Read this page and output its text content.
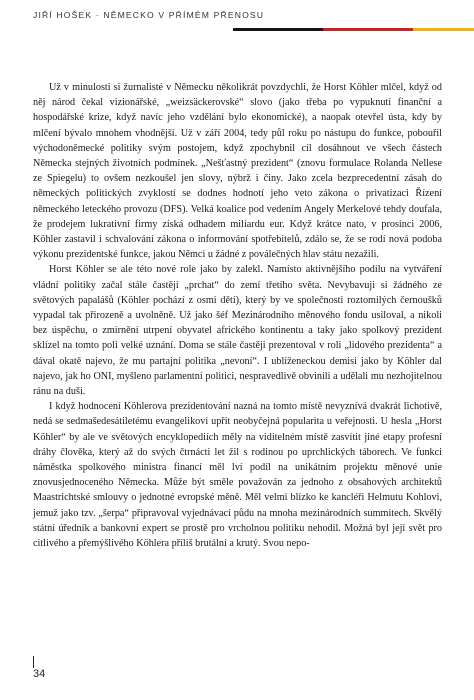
JIŘÍ HOŠEK · NĚMECKO V PŘÍMÉM PŘENOSU

Už v minulosti si žurnalisté v Německu několikrát povzdychli, že Horst Köhler mlčel, když od něj národ čekal vizionářské, „weizsäckerovské“ slovo (jako třeba po vypuknutí finanční a hospodářské krize, když navíc jeho vzdělání bylo ekonomické), a naopak otevřel ústa, kdy by mlčení bývalo mnohem vhodnější. Už v září 2004, tedy půl roku po nástupu do funkce, pobouřil východoněmecké politiky svým postojem, když zpochybnil cíl dosáhnout ve všech částech Německa stejných životních podmínek. „Nešťastný prezident“ (znovu formulace Rolanda Nellese ze Spiegelu) to ovšem nezkoušel jen slovy, nýbrž i činy. Jako zcela bezprecedentní zásah do německých politických zvyklostí se dodnes hodnotí jeho veto zákona o privatizaci Řízení německého leteckého provozu (DFS). Velká koalice pod vedením Angely Merkelové tehdy doufala, že prodejem lukrativní firmy získá odhadem miliardu eur. Když krátce nato, v prosinci 2006, Köhler zastavil i schvalování zákona o informování spotřebitelů, zdálo se, že se rodí nová podoba výkonu prezidentské funkce, jakou Němci u žádné z poválečných hlav státu nezažili.

Horst Köhler se ale této nové role jako by zalekl. Namísto aktivnějšího podílu na vytváření vládní politiky začal stále častěji „prchat“ do zemí třetího světa. Nevybavuji si žádného ze světových papalášů (Köhler pochází z osmi dětí), který by ve společnosti roztomilých černoušků vypadal tak přirozeně a uvolněně. Už jako šéf Mezinárodního měnového fondu usiloval, a nikoli bez úspěchu, o zmírnění utrpení obyvatel afrického kontinentu a taky jako spolkový prezident sklízel na tomto poli velké uznání. Doma se stále častěji prezentoval v roli „lidového prezidenta“ a dával okatě najevo, že mu partajní politika „nevoní“. I ublíženeckou demisi jako by Köhler dal najevo, jak ho ONI, myšleno parlamentní politici, nespravedlivě obvinili a udělali mu nezhojitelnou ránu na duši.

I když hodnocení Köhlerova prezidentování nazná na tomto místě nevyznívá dvakrát lichotivě, nedá se sedmašedesátiletému evangelikovi upřít neobyčejná popularita u veřejnosti. U hesla „Horst Köhler“ by ale ve světových encyklopediích měly na viditelném místě zasvítit jiné etapy profesní dráhy člověka, který až do svých čtrnácti let žil s rodinou po uprchlických táborech. Ve funkci náměstka spolkového ministra financí měl lví podíl na unikátním projektu měnové unie znovusjednoceného Německa. Může být směle považován za jednoho z obsahových architektů Maastrichtské smlouvy o jednotné evropské měně. Měl velmi blízko ke kancléři Helmutu Kohlovi, jemuž jako tzv. „šerpa“ připravoval vyjednávací půdu na mnoha mezinárodních summitech. Skvělý státní úředník a bankovní expert se prostě pro vrcholnou politiku nehodil. Možná byl její svět pro citlivého a přemýšlivého Köhlera příliš brutální a krutý. Svou nepo-

34
